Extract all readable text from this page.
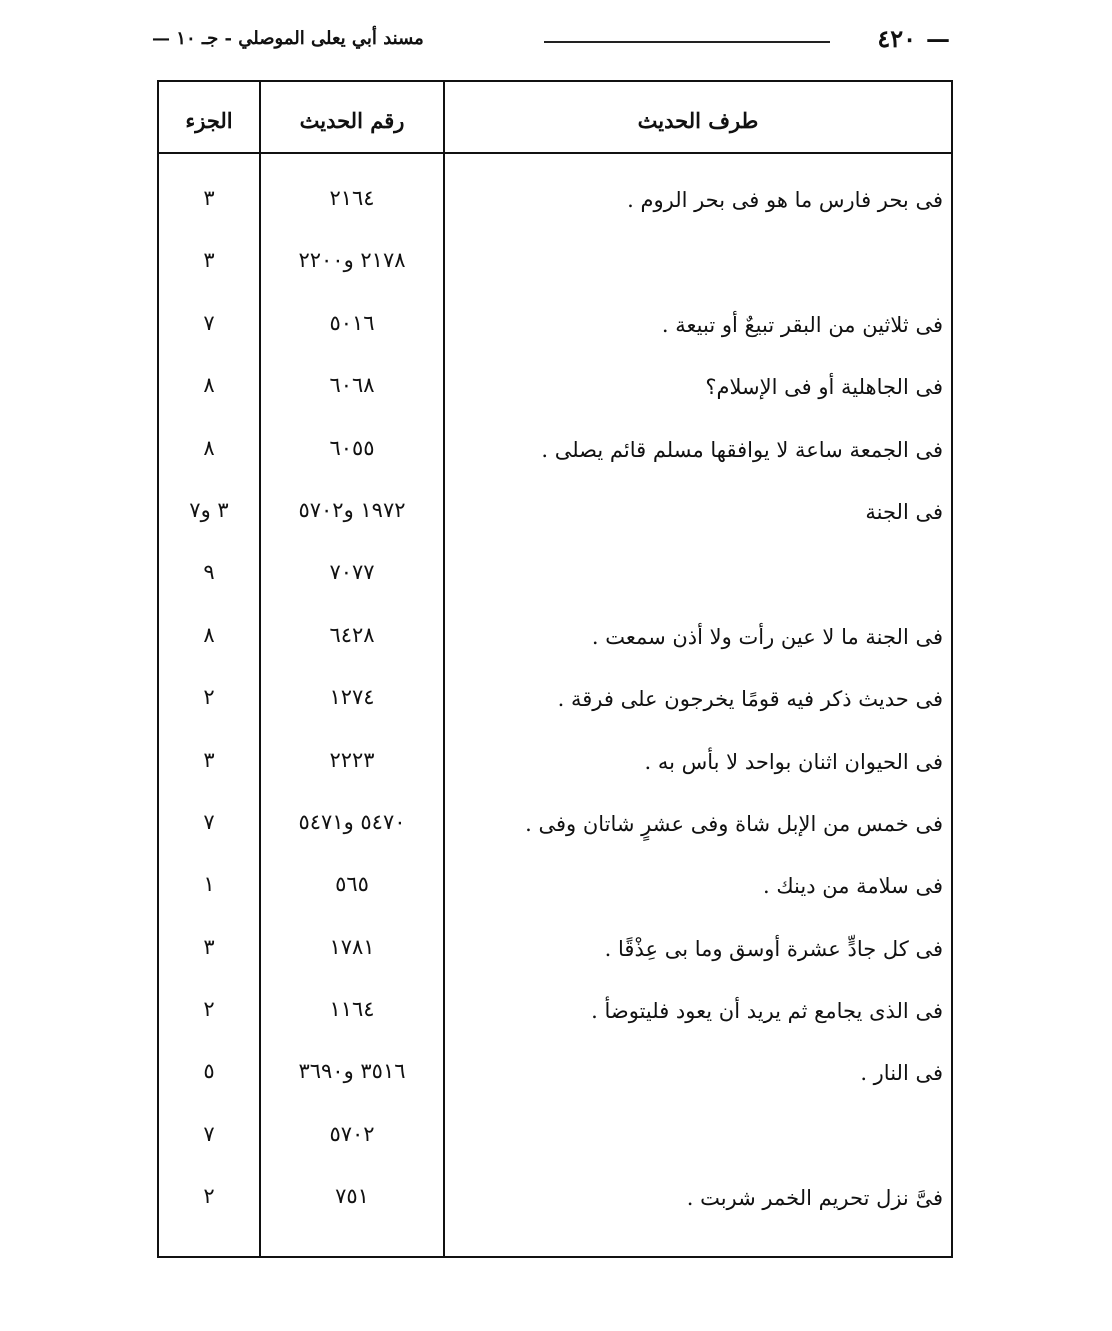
— ٤٢٠
مسند أبي يعلى الموصلي - جـ ١٠ —
الجزء	رقم الحديث	طرف الحديث
فى بحر فارس ما هو فى بحر الروم .
٢١٦٤
٣
٢١٧٨ و٢٢٠٠
٣
فى ثلاثين من البقر تبيعٌ أو تبيعة .
٥٠١٦
٧
فى الجاهلية أو فى الإسلام؟
٦٠٦٨
٨
فى الجمعة ساعة لا يوافقها مسلم قائم يصلى .
٦٠٥٥
٨
فى الجنة
١٩٧٢ و٥٧٠٢
٣ و٧
٧٠٧٧
٩
فى الجنة ما لا عين رأت ولا أذن سمعت .
٦٤٢٨
٨
فى حديث ذكر فيه قومًا يخرجون على فرقة .
١٢٧٤
٢
فى الحيوان اثنان بواحد لا بأس به .
٢٢٢٣
٣
فى خمس من الإبل شاة وفى عشرٍ شاتان وفى .
٥٤٧٠ و٥٤٧١
٧
فى سلامة من دينك .
٥٦٥
١
فى كل جادٍّ عشرة أوسق وما بى عِذْقًا .
١٧٨١
٣
فى الذى يجامع ثم يريد أن يعود فليتوضأ .
١١٦٤
٢
فى النار .
٣٥١٦ و٣٦٩٠
٥
٥٧٠٢
٧
فىَّ نزل تحريم الخمر شربت .
٧٥١
٢
